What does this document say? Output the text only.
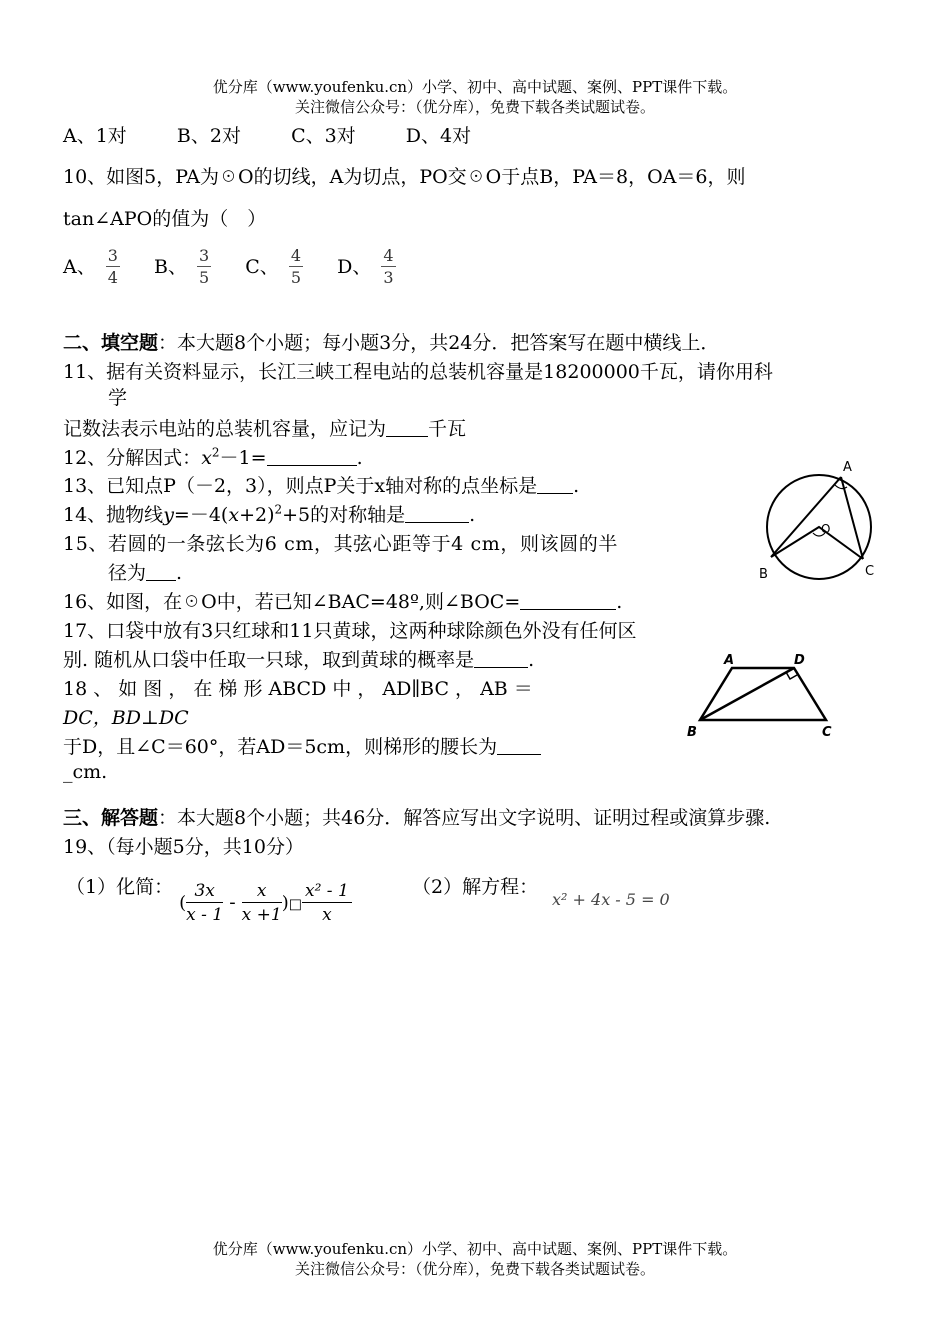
优分库（www.youfenku.cn）小学、初中、高中试题、案例、PPT课件下载。
关注微信公众号：（优分库），免费下载各类试题试卷。
A、1对	B、2对	C、3对	D、4对
10、如图5，PA为☉O的切线，A为切点，PO交☉O于点B，PA＝8，OA＝6，则
tan∠APO的值为（　）
A、 $\frac{3}{4}$ B、 $\frac{3}{5}$ C、 $\frac{4}{5}$ D、 $\frac{4}{3}$
二、填空题：本大题8个小题；每小题3分，共24分．把答案写在题中横线上．
11、据有关资料显示，长江三峡工程电站的总装机容量是18200000千瓦，请你用科
学
记数法表示电站的总装机容量，应记为 千瓦
12、分解因式：$x^2-1=$	.
13、已知点P（－2，3），则点P关于x轴对称的点坐标是 .
14、抛物线$y=-4(x+2)^2+5$的对称轴是	.
15、若圆的一条弦长为6 cm，其弦心距等于4 cm，则该圆的半
径为 .
16、如图，在☉O中，若已知∠BAC=48º,则∠BOC=	.
17、口袋中放有3只红球和11只黄球，这两种球除颜色外没有任何区
别. 随机从口袋中任取一只球，取到黄球的概率是	.
18 、 如 图 ， 在 梯 形 ABCD 中 ， AD∥BC ， AB ＝
DC，BD⊥DC
于D，且∠C＝60°，若AD＝5cm，则梯形的腰长为
_cm.
三、解答题：本大题8个小题；共46分．解答应写出文字说明、证明过程或演算步骤.
19、（每小题5分，共10分）
（1）化简： ( $\frac{3x}{x - 1} - \frac{x}{x +1}$ )□ $\frac{\text{x² - 1}}{x}$	（2）解方程：
x² + 4x - 5 = 0
A
O
B	C
A	D
B	C
优分库（www.youfenku.cn）小学、初中、高中试题、案例、PPT课件下载。
关注微信公众号：（优分库），免费下载各类试题试卷。
